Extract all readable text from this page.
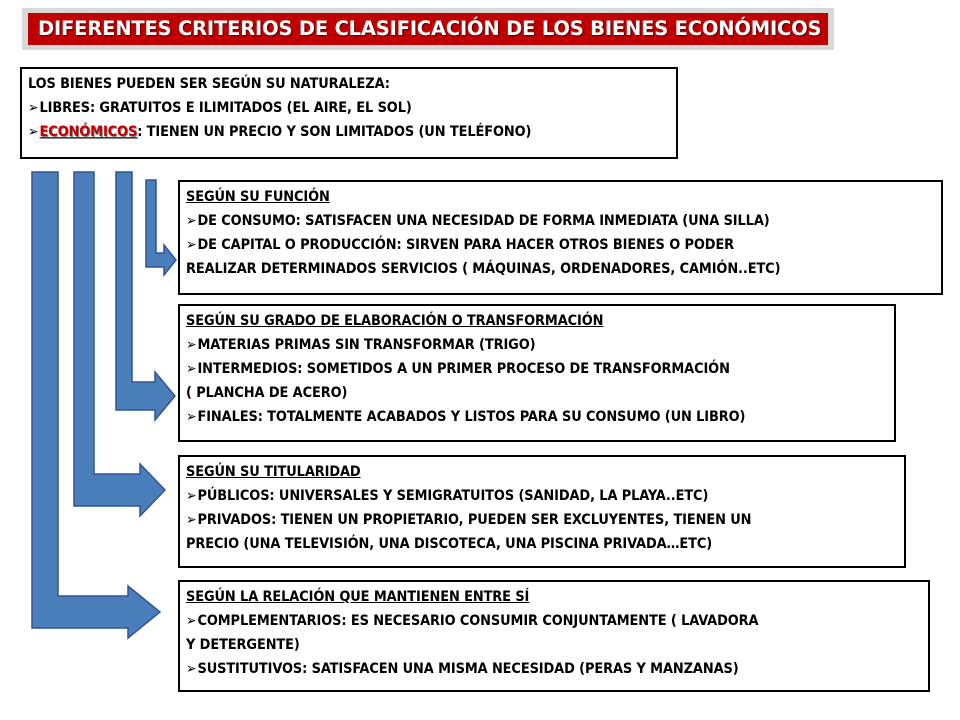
DIFERENTES CRITERIOS DE CLASIFICACIÓN DE LOS BIENES ECONÓMICOS
LOS BIENES PUEDEN SER SEGÚN SU NATURALEZA:
➢LIBRES: GRATUITOS E ILIMITADOS (EL AIRE, EL SOL)
➢ECONÓMICOS: TIENEN UN PRECIO Y SON LIMITADOS (UN TELÉFONO)
SEGÚN SU FUNCIÓN
➢DE CONSUMO: SATISFACEN UNA NECESIDAD DE FORMA INMEDIATA (UNA SILLA)
➢DE CAPITAL O PRODUCCIÓN: SIRVEN PARA HACER OTROS BIENES O PODER
REALIZAR DETERMINADOS SERVICIOS ( MÁQUINAS, ORDENADORES, CAMIÓN..ETC)
SEGÚN SU GRADO DE ELABORACIÓN O TRANSFORMACIÓN
➢MATERIAS PRIMAS SIN TRANSFORMAR (TRIGO)
➢INTERMEDIOS: SOMETIDOS A UN PRIMER PROCESO DE TRANSFORMACIÓN
( PLANCHA DE ACERO)
➢FINALES: TOTALMENTE ACABADOS Y LISTOS PARA SU CONSUMO (UN LIBRO)
SEGÚN SU TITULARIDAD
➢PÚBLICOS: UNIVERSALES Y SEMIGRATUITOS (SANIDAD, LA PLAYA..ETC)
➢PRIVADOS: TIENEN UN PROPIETARIO, PUEDEN SER EXCLUYENTES, TIENEN UN
PRECIO (UNA TELEVISIÓN, UNA DISCOTECA, UNA PISCINA PRIVADA…ETC)
SEGÚN LA RELACIÓN QUE MANTIENEN ENTRE SÍ
➢COMPLEMENTARIOS: ES NECESARIO CONSUMIR CONJUNTAMENTE ( LAVADORA
Y DETERGENTE)
➢SUSTITUTIVOS: SATISFACEN UNA MISMA NECESIDAD (PERAS Y MANZANAS)
